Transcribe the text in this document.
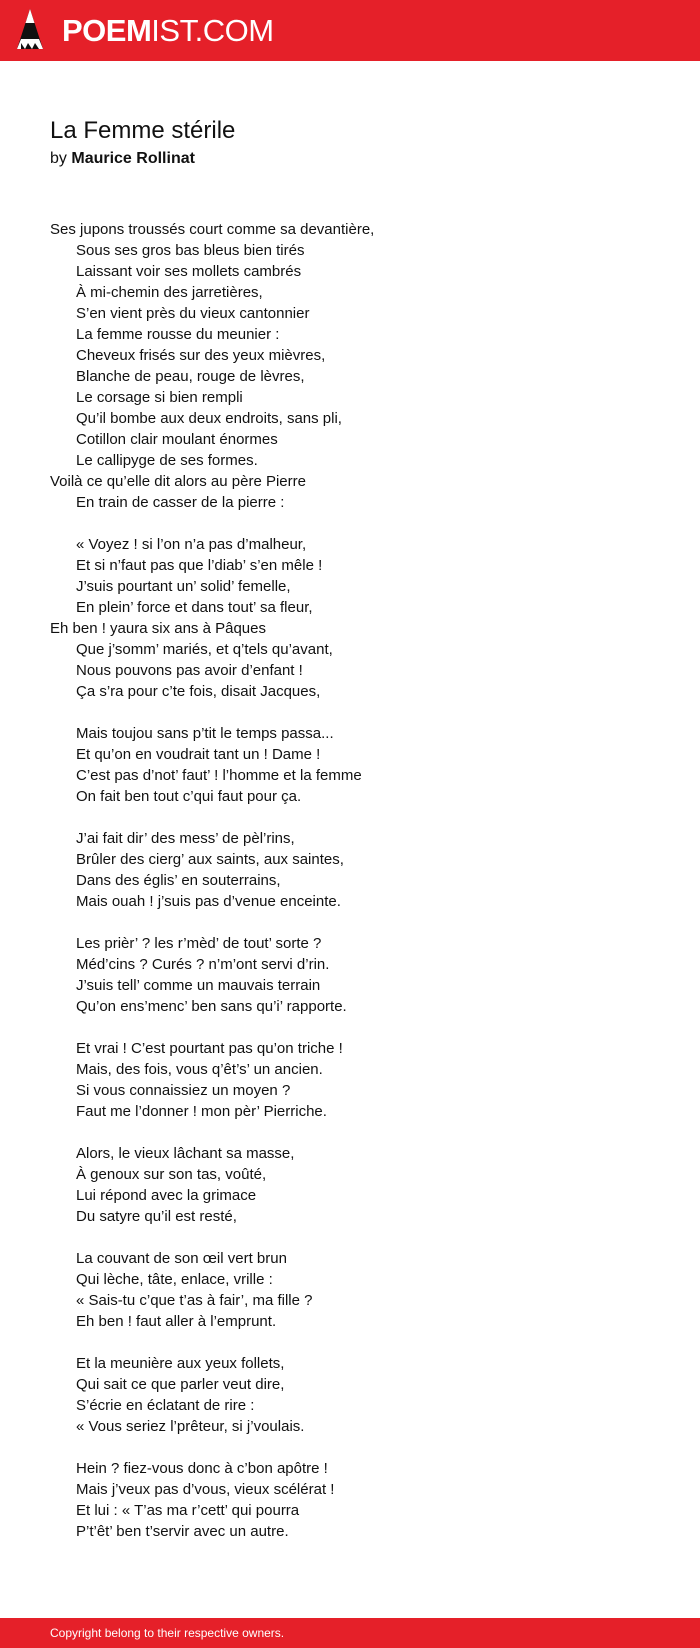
POEMIST.COM
La Femme stérile
by Maurice Rollinat
Ses jupons troussés court comme sa devantière,
Sous ses gros bas bleus bien tirés
Laissant voir ses mollets cambrés
À mi-chemin des jarretières,
S’en vient près du vieux cantonnier
La femme rousse du meunier :
Cheveux frisés sur des yeux mièvres,
Blanche de peau, rouge de lèvres,
Le corsage si bien rempli
Qu’il bombe aux deux endroits, sans pli,
Cotillon clair moulant énormes
Le callipyge de ses formes.
Voilà ce qu’elle dit alors au père Pierre
En train de casser de la pierre :
« Voyez ! si l’on n’a pas d’malheur,
Et si n’faut pas que l’diab’ s’en mêle !
J’suis pourtant un’ solid’ femelle,
En plein’ force et dans tout’ sa fleur,
Eh ben ! yaura six ans à Pâques
Que j’somm’ mariés, et q’tels qu’avant,
Nous pouvons pas avoir d’enfant !
Ça s’ra pour c’te fois, disait Jacques,
Mais toujou sans p’tit le temps passa...
Et qu’on en voudrait tant un ! Dame !
C’est pas d’not’ faut’ ! l’homme et la femme
On fait ben tout c’qui faut pour ça.
J’ai fait dir’ des mess’ de pèl’rins,
Brûler des cierg’ aux saints, aux saintes,
Dans des églis’ en souterrains,
Mais ouah ! j’suis pas d’venue enceinte.
Les prièr’ ? les r’mèd’ de tout’ sorte ?
Méd’cins ? Curés ? n’m’ont servi d’rin.
J’suis tell’ comme un mauvais terrain
Qu’on ens’menc’ ben sans qu’i’ rapporte.
Et vrai ! C’est pourtant pas qu’on triche !
Mais, des fois, vous q’êt’s’ un ancien.
Si vous connaissiez un moyen ?
Faut me l’donner ! mon pèr’ Pierriche.
Alors, le vieux lâchant sa masse,
À genoux sur son tas, voûté,
Lui répond avec la grimace
Du satyre qu’il est resté,
La couvant de son œil vert brun
Qui lèche, tâte, enlace, vrille :
« Sais-tu c’que t’as à fair’, ma fille ?
Eh ben ! faut aller à l’emprunt.
Et la meunière aux yeux follets,
Qui sait ce que parler veut dire,
S’écrie en éclatant de rire :
« Vous seriez l’prêteur, si j’voulais.
Hein ? fiez-vous donc à c’bon apôtre !
Mais j’veux pas d’vous, vieux scélérat !
Et lui : « T’as ma r’cett’ qui pourra
P’t’êt’ ben t’servir avec un autre.
Copyright belong to their respective owners.
